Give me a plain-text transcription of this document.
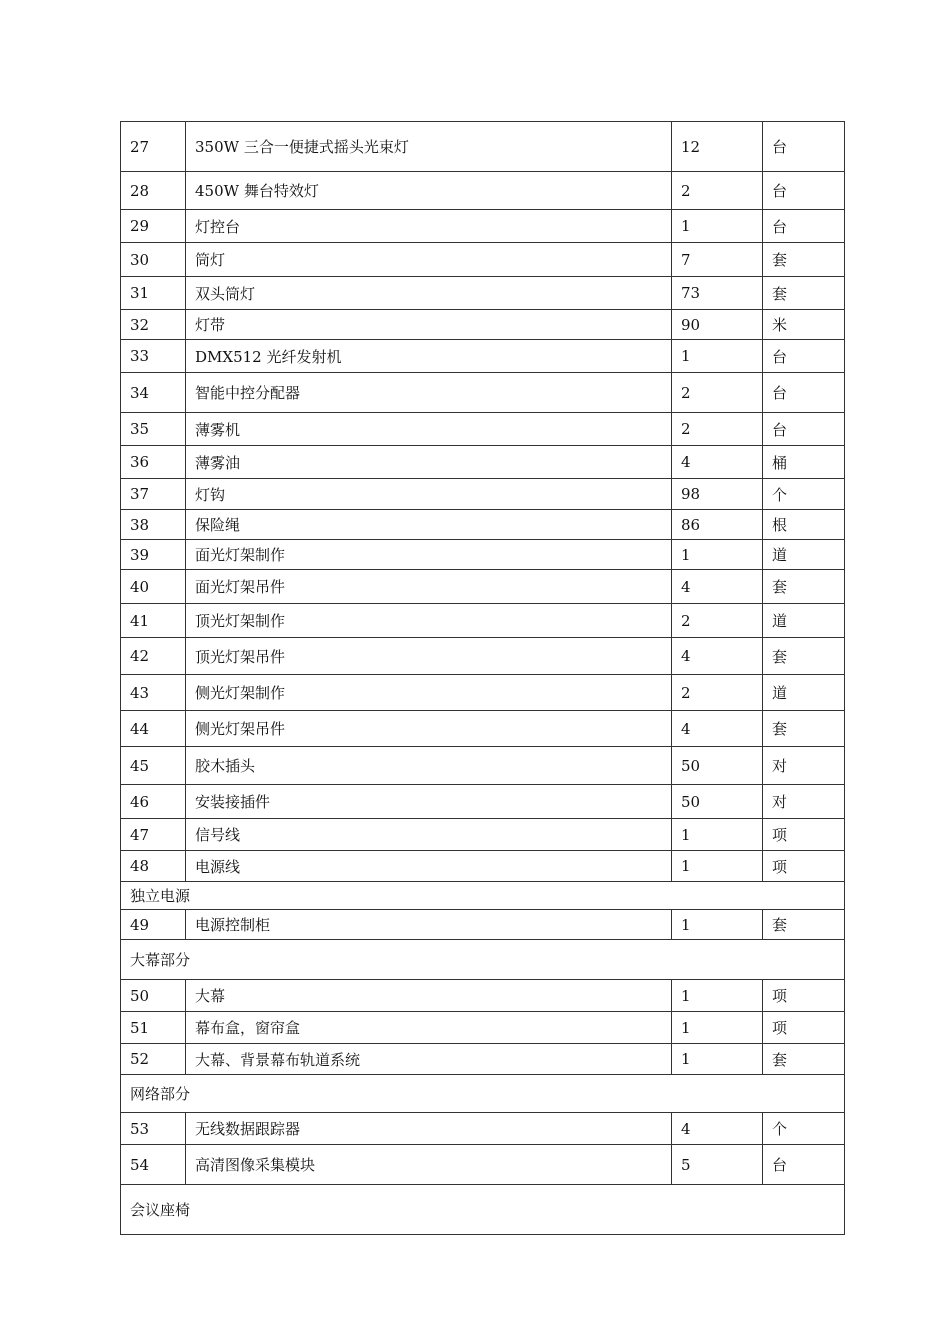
27	350W 三合一便捷式摇头光束灯	12	台
28	450W 舞台特效灯	2	台
29	灯控台	1	台
30	筒灯	7	套
31	双头筒灯	73	套
32	灯带	90	米
33	DMX512 光纤发射机	1	台
34	智能中控分配器	2	台
35	薄雾机	2	台
36	薄雾油	4	桶
37	灯钩	98	个
38	保险绳	86	根
39	面光灯架制作	1	道
40	面光灯架吊件	4	套
41	顶光灯架制作	2	道
42	顶光灯架吊件	4	套
43	侧光灯架制作	2	道
44	侧光灯架吊件	4	套
45	胶木插头	50	对
46	安装接插件	50	对
47	信号线	1	项
48	电源线	1	项
独立电源			
49	电源控制柜	1	套
大幕部分			
50	大幕	1	项
51	幕布盒，窗帘盒	1	项
52	大幕、背景幕布轨道系统	1	套
网络部分			
53	无线数据跟踪器	4	个
54	高清图像采集模块	5	台
会议座椅			
